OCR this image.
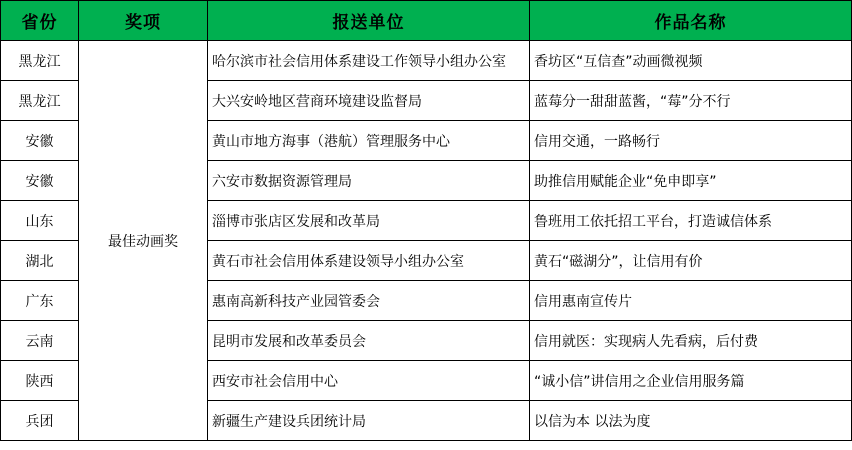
省份	奖项	报送单位	作品名称
黑龙江	最佳动画奖	哈尔滨市社会信用体系建设工作领导小组办公室	香坊区“互信查”动画微视频
黑龙江		大兴安岭地区营商环境建设监督局	蓝莓分一甜甜蓝酱，“莓”分不行
安徽		黄山市地方海事（港航）管理服务中心	信用交通，一路畅行
安徽		六安市数据资源管理局	助推信用赋能企业“免申即享”
山东		淄博市张店区发展和改革局	鲁班用工依托招工平台，打造诚信体系
湖北		黄石市社会信用体系建设领导小组办公室	黄石“磁湖分”，让信用有价
广东		惠南高新科技产业园管委会	信用惠南宣传片
云南		昆明市发展和改革委员会	信用就医：实现病人先看病，后付费
陕西		西安市社会信用中心	“诚小信”讲信用之企业信用服务篇
兵团		新疆生产建设兵团统计局	以信为本 以法为度
